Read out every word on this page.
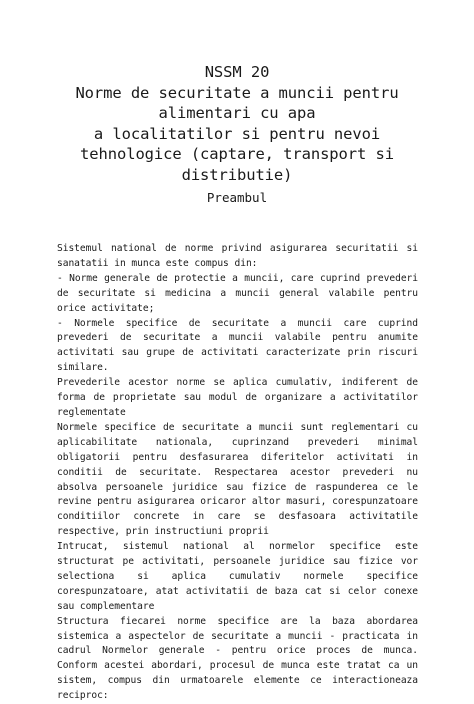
NSSM 20
Norme de securitate a muncii pentru
alimentari cu apa
a localitatilor si pentru nevoi
tehnologice (captare, transport si
distributie)
Preambul

Sistemul national de norme privind asigurarea securitatii si sanatatii in munca este compus din:

- Norme generale de protectie a muncii, care cuprind prevederi de securitate si medicina a muncii general valabile pentru orice activitate;

- Normele specifice de securitate a muncii care cuprind prevederi de securitate a muncii valabile pentru anumite activitati sau grupe de activitati caracterizate prin riscuri similare.

Prevederile acestor norme se aplica cumulativ, indiferent de forma de proprietate sau modul de organizare a activitatilor reglementate

Normele specifice de securitate a muncii sunt reglementari cu aplicabilitate nationala, cuprinzand prevederi minimal obligatorii pentru desfasurarea diferitelor activitati in conditii de securitate. Respectarea acestor prevederi nu absolva persoanele juridice sau fizice de raspunderea ce le revine pentru asigurarea oricaror altor masuri, corespunzatoare conditiilor concrete in care se desfasoara activitatile respective, prin instructiuni proprii

Intrucat, sistemul national al normelor specifice este structurat pe activitati, persoanele juridice sau fizice vor selectiona si aplica cumulativ normele specifice corespunzatoare, atat activitatii de baza cat si celor conexe sau complementare

Structura fiecarei norme specifice are la baza abordarea sistemica a aspectelor de securitate a muncii - practicata in cadrul Normelor generale - pentru orice proces de munca. Conform acestei abordari, procesul de munca este tratat ca un sistem, compus din urmatoarele elemente ce interactioneaza reciproc:
